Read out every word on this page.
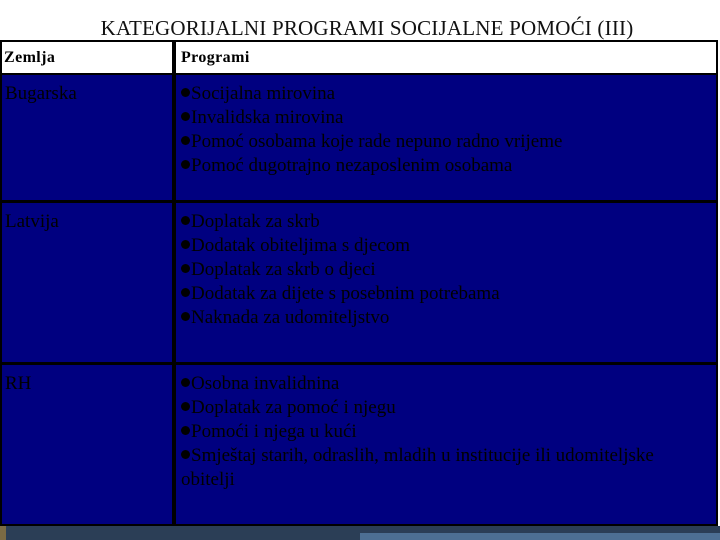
KATEGORIJALNI PROGRAMI SOCIJALNE POMOĆI (III)
Zemlja	Programi
Bugarska	Socijalna mirovina
Invalidska mirovina
Pomoć osobama koje rade nepuno radno vrijeme
Pomoć dugotrajno nezaposlenim osobama
Latvija	Doplatak za skrb
Dodatak obiteljima s djecom
Doplatak za skrb o djeci
Dodatak za dijete s posebnim potrebama
Naknada za udomiteljstvo
RH	Osobna invalidnina
Doplatak za pomoć i njegu
Pomoći i njega u kući
Smještaj starih, odraslih, mladih u institucije ili udomiteljske obitelji
